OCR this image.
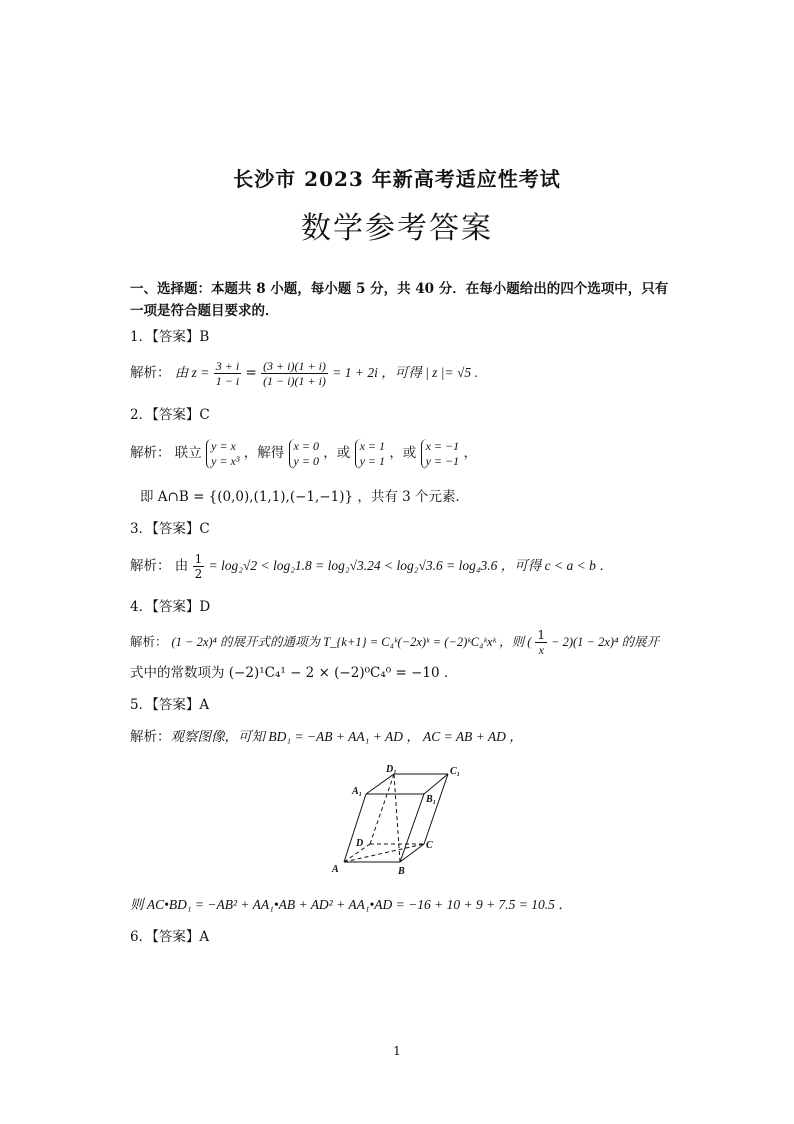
长沙市 2023 年新高考适应性考试
数学参考答案
一、选择题：本题共 8 小题，每小题 5 分，共 40 分．在每小题给出的四个选项中，只有一项是符合题目要求的．
1．【答案】B
解析： 由 $z = \frac{3 + i}{1 - i} = \frac{(3 + i)(1 + i)}{(1 - i)(1 + i)} = 1 + 2i$ ，可得 | z |= √5 .
2．【答案】C
解析： 联立 y = x
y = x³ ，解得 x = 0
y = 0 ，或 x = 1
y = 1 ，或 x = −1
y = −1 ，
即 A∩B = {(0,0),(1,1),(−1,−1)} ，共有 3 个元素．
3．【答案】C
解析： 由 $\frac{1}{2} = \log_2√2 < \log_21.8 = \log_2√3.24 < \log_2√3.6 = \log_43.6$ ，可得 c < a < b ．
4．【答案】D
解析： (1 − 2x)⁴ 的展开式的通项为 T_{k+1} = C₄ᵏ(−2x)ᵏ = (−2)ᵏC₄ᵏxᵏ ，则 ( $\frac{1}{x} - 2)(1 - 2x)^4$ 的展开
式中的常数项为 (−2)¹C₄¹ − 2 × (−2)⁰C₄⁰ = −10 ．
5．【答案】A
解析：观察图像，可知 BD₁ = −AB + AA₁ + AD ， AC = AB + AD ，
D₁	C₁
A₁
B₁
D	C
A	B
则 AC•BD₁ = −AB² + AA₁•AB + AD² + AA₁•AD = −16 + 10 + 9 + 7.5 = 10.5 ．
6．【答案】A
1
